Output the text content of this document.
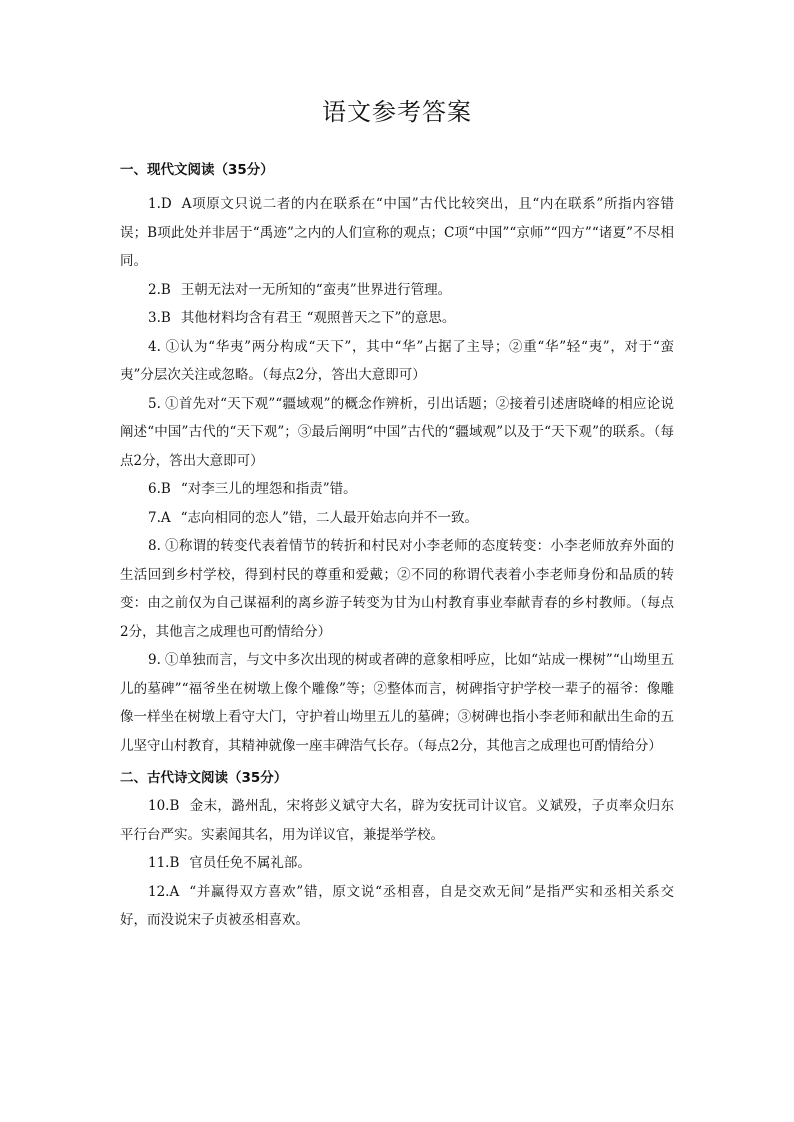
语文参考答案
一、现代文阅读（35分）

1.D A项原文只说二者的内在联系在“中国”古代比较突出，且“内在联系”所指内容错误；B项此处并非居于“禹迹”之内的人们宣称的观点；C项“中国”“京师”“四方”“诸夏”不尽相同。

2.B 王朝无法对一无所知的“蛮夷”世界进行管理。

3.B 其他材料均含有君王 “观照普天之下”的意思。

4. ①认为“华夷”两分构成“天下”，其中“华”占据了主导；②重“华”轻“夷”，对于“蛮夷”分层次关注或忽略。（每点2分，答出大意即可）

5. ①首先对“天下观”“疆域观”的概念作辨析，引出话题；②接着引述唐晓峰的相应论说阐述“中国”古代的“天下观”；③最后阐明“中国”古代的“疆域观”以及于“天下观”的联系。（每点2分，答出大意即可）

6.B “对李三儿的埋怨和指责”错。

7.A “志向相同的恋人”错，二人最开始志向并不一致。

8. ①称谓的转变代表着情节的转折和村民对小李老师的态度转变：小李老师放弃外面的生活回到乡村学校，得到村民的尊重和爱戴；②不同的称谓代表着小李老师身份和品质的转变：由之前仅为自己谋福利的离乡游子转变为甘为山村教育事业奉献青春的乡村教师。（每点2分，其他言之成理也可酌情给分）

9. ①单独而言，与文中多次出现的树或者碑的意象相呼应，比如“站成一棵树”“山坳里五儿的墓碑”“福爷坐在树墩上像个雕像”等；②整体而言，树碑指守护学校一辈子的福爷：像雕像一样坐在树墩上看守大门，守护着山坳里五儿的墓碑；③树碑也指小李老师和献出生命的五儿坚守山村教育，其精神就像一座丰碑浩气长存。（每点2分，其他言之成理也可酌情给分）

二、古代诗文阅读（35分）

10.B 金末，潞州乱，宋将彭义斌守大名，辟为安抚司计议官。义斌殁，子贞率众归东平行台严实。实素闻其名，用为详议官，兼提举学校。

11.B 官员任免不属礼部。

12.A “并赢得双方喜欢”错，原文说“丞相喜，自是交欢无间”是指严实和丞相关系交好，而没说宋子贞被丞相喜欢。
